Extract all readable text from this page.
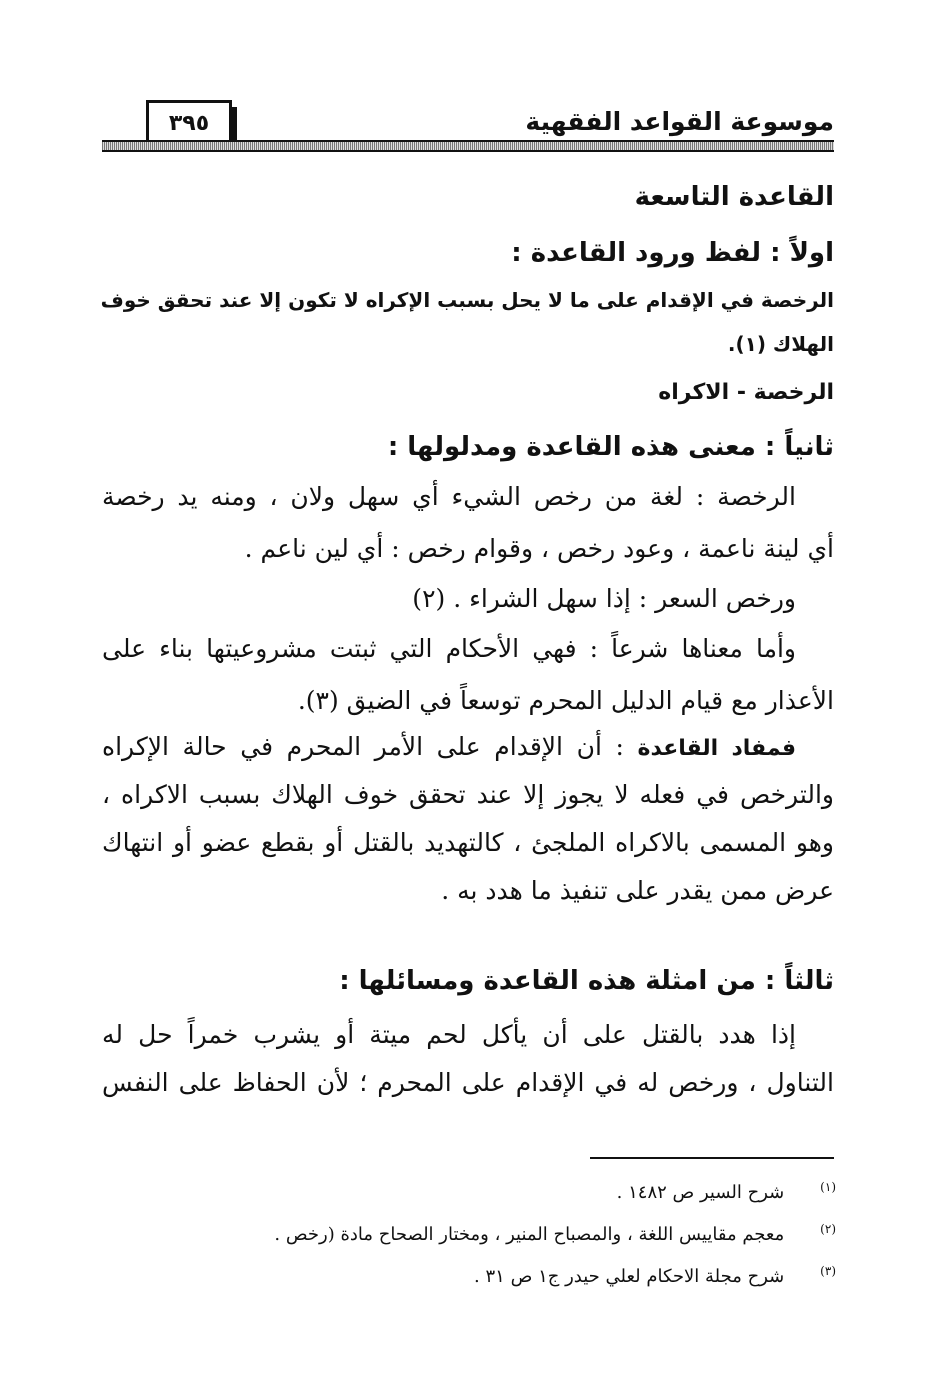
موسوعة القواعد الفقهية
٣٩٥
القاعدة التاسعة
اولاً : لفظ ورود القاعدة :
الرخصة في الإقدام على ما لا يحل بسبب الإكراه لا تكون إلا عند تحقق خوف
الهلاك (١).
الرخصة - الاكراه
ثانياً : معنى هذه القاعدة ومدلولها :
الرخصة : لغة من رخص الشيء أي سهل ولان ، ومنه يد رخصة
أي لينة ناعمة ، وعود رخص ، وقوام رخص : أي لين ناعم .
ورخص السعر : إذا سهل الشراء . (٢)
وأما معناها شرعاً : فهي الأحكام التي ثبتت مشروعيتها بناء على
الأعذار مع قيام الدليل المحرم توسعاً في الضيق (٣).
فمفاد القاعدة : أن الإقدام على الأمر المحرم في حالة الإكراه
والترخص في فعله لا يجوز إلا عند تحقق خوف الهلاك بسبب الاكراه ،
وهو المسمى بالاكراه الملجئ ، كالتهديد بالقتل أو بقطع عضو أو انتهاك
عرض ممن يقدر على تنفيذ ما هدد به .
ثالثاً : من امثلة هذه القاعدة ومسائلها :
إذا هدد بالقتل على أن يأكل لحم ميتة أو يشرب خمراً حل له
التناول ، ورخص له في الإقدام على المحرم ؛ لأن الحفاظ على النفس
(١) شرح السير ص ١٤٨٢ .
(٢) معجم مقاييس اللغة ، والمصباح المنير ، ومختار الصحاح مادة (رخص .
(٣) شرح مجلة الاحكام لعلي حيدر ج١ ص ٣١ .
